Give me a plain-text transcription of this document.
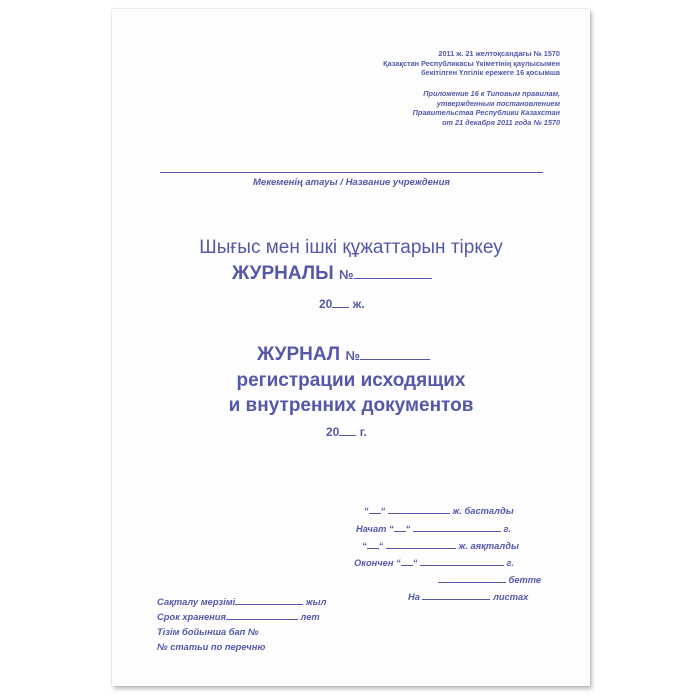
2011 ж. 21 желтоқсандағы № 1570
Қазақстан Республикасы Үкіметінің қаулысымен
бекітілген Үлгілік ережеге 16 қосымша
Приложение 16 к Типовым правилам,
утвержденным постановлением
Правительства Республики Казахстан
от 21 декабря 2011 года № 1570
Мекеменің атауы / Название учреждения
Шығыс мен ішкі құжаттарын тіркеу
ЖУРНАЛЫ №
20 ж.
ЖУРНАЛ №
регистрации исходящих
и внутренних документов
20 г.
“ “	ж. басталды
Начат “ “	г.
“ “	ж. аяқталды
Окончен “ “	г.
бетте
На	листах
Сақталу мерзімі	жыл
Срок хранения	лет
Тізім бойынша бап №
№ статьи по перечню
